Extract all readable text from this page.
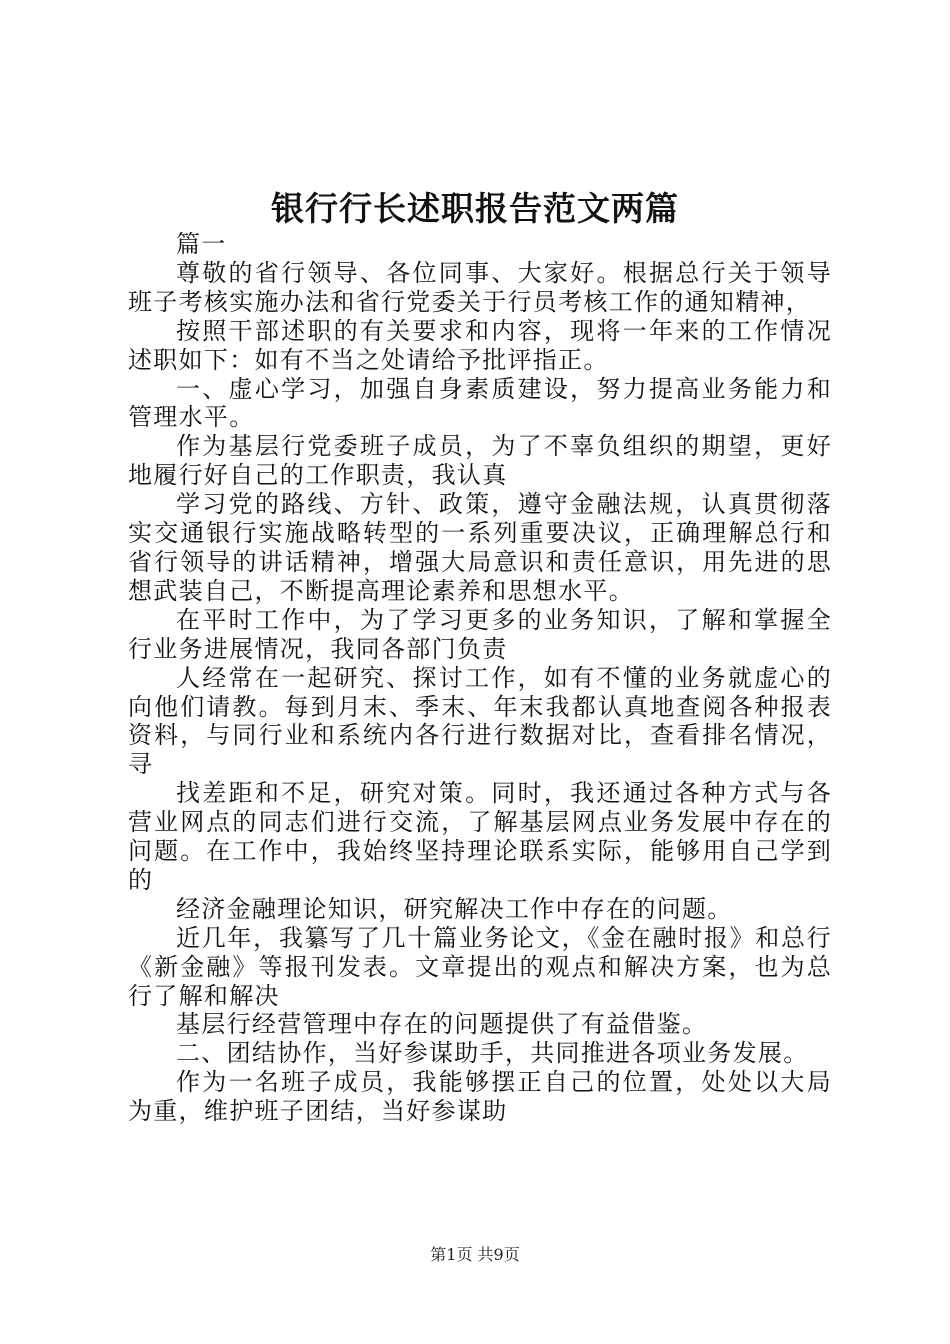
银行行长述职报告范文两篇

篇一

尊敬的省行领导、各位同事、大家好。根据总行关于领导班子考核实施办法和省行党委关于行员考核工作的通知精神，

按照干部述职的有关要求和内容，现将一年来的工作情况述职如下：如有不当之处请给予批评指正。

一、虚心学习，加强自身素质建设，努力提高业务能力和管理水平。

作为基层行党委班子成员，为了不辜负组织的期望，更好地履行好自己的工作职责，我认真

学习党的路线、方针、政策，遵守金融法规，认真贯彻落实交通银行实施战略转型的一系列重要决议，正确理解总行和省行领导的讲话精神，增强大局意识和责任意识，用先进的思想武装自己，不断提高理论素养和思想水平。

在平时工作中，为了学习更多的业务知识，了解和掌握全行业务进展情况，我同各部门负责

人经常在一起研究、探讨工作，如有不懂的业务就虚心的向他们请教。每到月末、季末、年末我都认真地查阅各种报表资料，与同行业和系统内各行进行数据对比，查看排名情况，寻

找差距和不足，研究对策。同时，我还通过各种方式与各营业网点的同志们进行交流，了解基层网点业务发展中存在的问题。在工作中，我始终坚持理论联系实际，能够用自己学到的

经济金融理论知识，研究解决工作中存在的问题。

近几年，我纂写了几十篇业务论文，《金在融时报》和总行《新金融》等报刊发表。文章提出的观点和解决方案，也为总行了解和解决

基层行经营管理中存在的问题提供了有益借鉴。

二、团结协作，当好参谋助手，共同推进各项业务发展。

作为一名班子成员，我能够摆正自己的位置，处处以大局为重，维护班子团结，当好参谋助

第1页 共9页
